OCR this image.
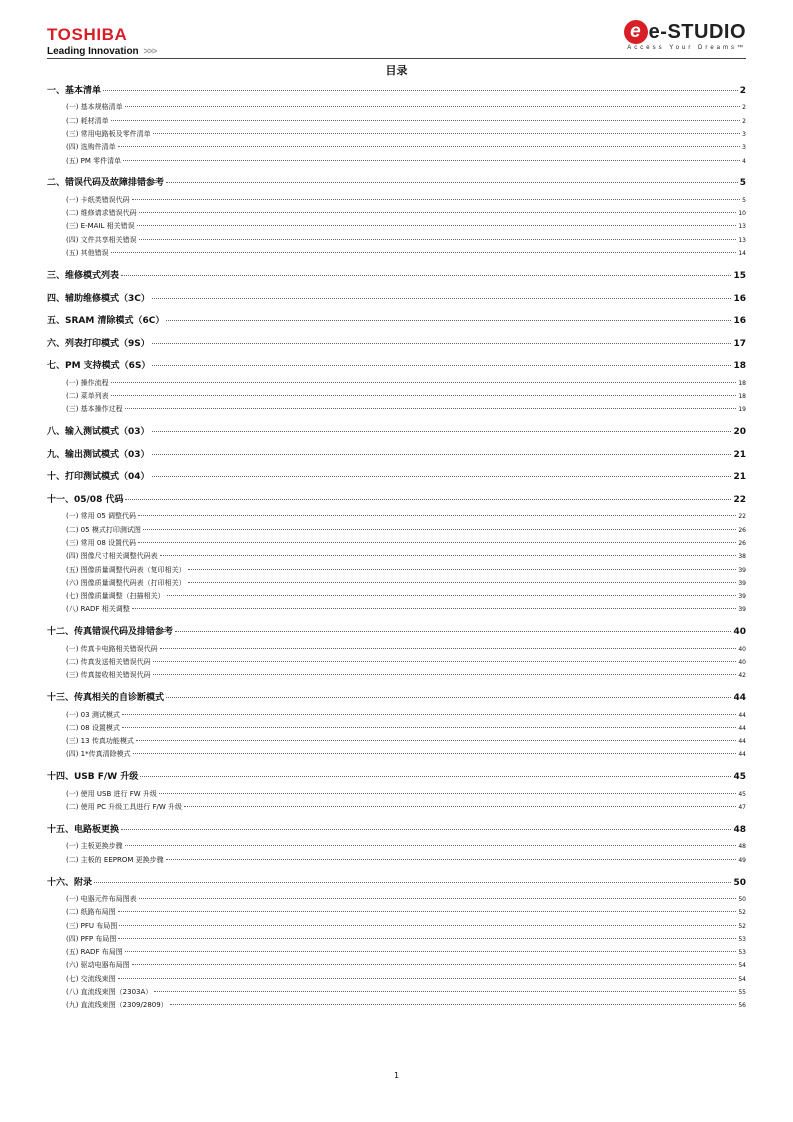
TOSHIBA
Leading Innovation >>>
e e-STUDIO
Access Your Dreams™
目录
一、基本清单	2
(一) 基本规格清单	2
(二) 耗材清单	2
(三) 常用电路板及零件清单	3
(四) 选购件清单	3
(五) PM 零件清单	4
二、错误代码及故障排错参考	5
(一) 卡纸类错误代码	5
(二) 维修请求错误代码	10
(三) E-MAIL 相关错误	13
(四) 文件共享相关错误	13
(五) 其他错误	14
三、维修模式列表	15
四、辅助维修模式（3C）	16
五、SRAM 清除模式（6C）	16
六、列表打印模式（9S）	17
七、PM 支持模式（6S）	18
(一) 操作流程	18
(二) 菜单列表	18
(三) 基本操作过程	19
八、输入测试模式（03）	20
九、输出测试模式（03）	21
十、打印测试模式（04）	21
十一、05/08 代码	22
(一) 常用 05 调整代码	22
(二) 05 模式打印测试图	26
(三) 常用 08 设置代码	26
(四) 图像尺寸相关调整代码表	38
(五) 图像质量调整代码表（复印相关）	39
(六) 图像质量调整代码表（打印相关）	39
(七) 图像质量调整（扫描相关）	39
(八) RADF 相关调整	39
十二、传真错误代码及排错参考	40
(一) 传真卡电路相关错误代码	40
(二) 传真发送相关错误代码	40
(三) 传真接收相关错误代码	42
十三、传真相关的自诊断模式	44
(一) 03 测试模式	44
(二) 08 设置模式	44
(三) 13 传真功能模式	44
(四) 1*传真清除模式	44
十四、USB F/W 升级	45
(一) 使用 USB 进行 FW 升级	45
(二) 使用 PC 升级工具进行 F/W 升级	47
十五、电路板更换	48
(一) 主板更换步骤	48
(二) 主板的 EEPROM 更换步骤	49
十六、附录	50
(一) 电器元件布局图表	50
(二) 纸路布局图	52
(三) PFU 布局图	52
(四) PFP 布局图	53
(五) RADF 布局图	53
(六) 驱动电器布局图	54
(七) 交流线束图	54
(八) 直流线束图（2303A）	55
(九) 直流线束图（2309/2809）	56
1
